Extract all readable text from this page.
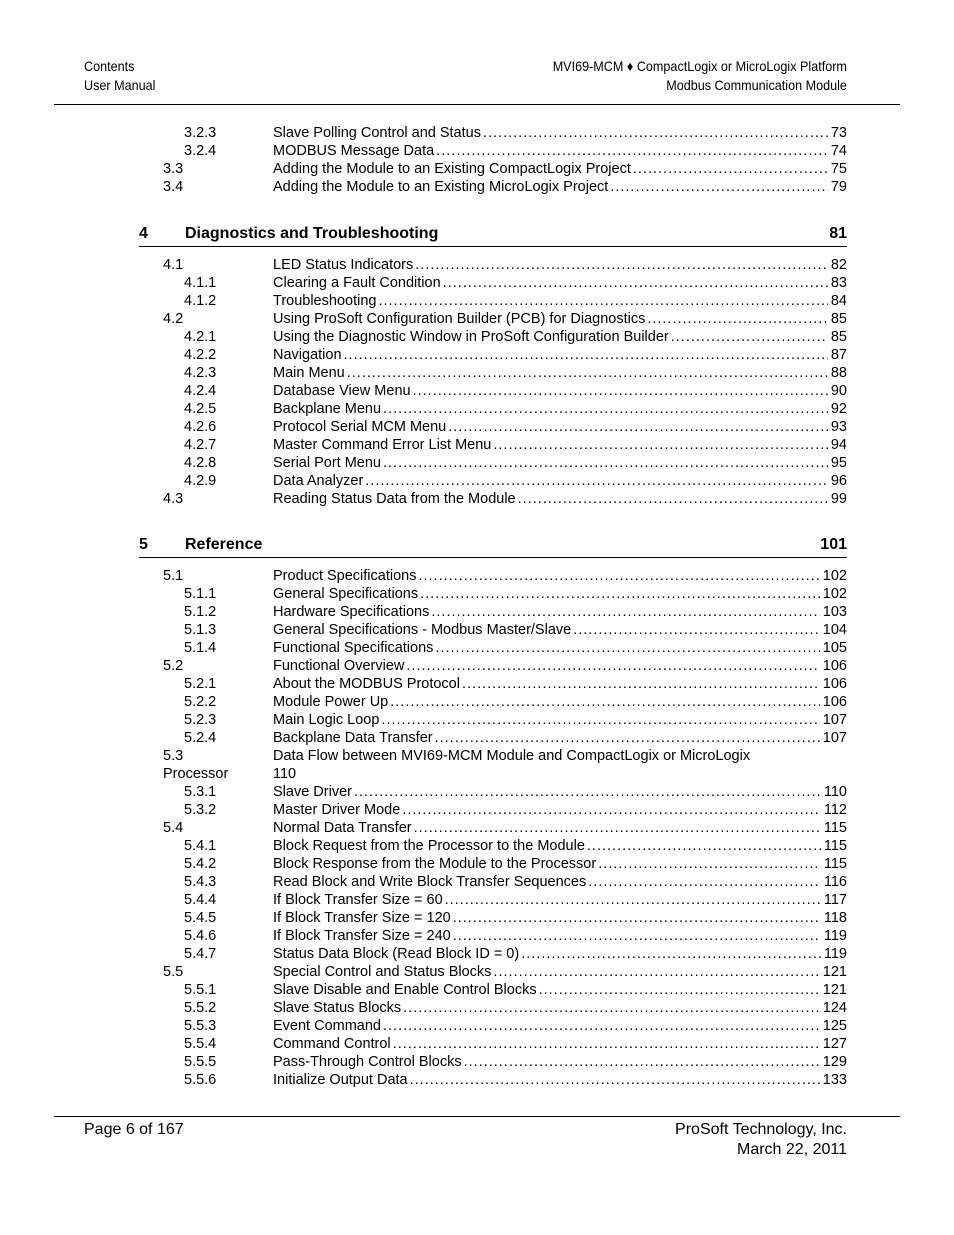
Contents
User Manual
MVI69-MCM ♦ CompactLogix or MicroLogix Platform
Modbus Communication Module
3.2.3	Slave Polling Control and Status .....	73
3.2.4	MODBUS Message Data .....	74
3.3	Adding the Module to an Existing CompactLogix Project .....	75
3.4	Adding the Module to an Existing MicroLogix Project .....	79
4 Diagnostics and Troubleshooting	81
4.1	LED Status Indicators .....	82
4.1.1	Clearing a Fault Condition .....	83
4.1.2	Troubleshooting .....	84
4.2	Using ProSoft Configuration Builder (PCB) for Diagnostics .....	85
4.2.1	Using the Diagnostic Window in ProSoft Configuration Builder .....	85
4.2.2	Navigation .....	87
4.2.3	Main Menu .....	88
4.2.4	Database View Menu .....	90
4.2.5	Backplane Menu .....	92
4.2.6	Protocol Serial MCM Menu .....	93
4.2.7	Master Command Error List Menu .....	94
4.2.8	Serial Port Menu .....	95
4.2.9	Data Analyzer .....	96
4.3	Reading Status Data from the Module .....	99
5 Reference	101
5.1	Product Specifications .....	102
5.1.1	General Specifications .....	102
5.1.2	Hardware Specifications .....	103
5.1.3	General Specifications - Modbus Master/Slave .....	104
5.1.4	Functional Specifications .....	105
5.2	Functional Overview .....	106
5.2.1	About the MODBUS Protocol .....	106
5.2.2	Module Power Up .....	106
5.2.3	Main Logic Loop .....	107
5.2.4	Backplane Data Transfer .....	107
5.3	Data Flow between MVI69-MCM Module and CompactLogix or MicroLogix
Processor	110
5.3.1	Slave Driver .....	110
5.3.2	Master Driver Mode .....	112
5.4	Normal Data Transfer .....	115
5.4.1	Block Request from the Processor to the Module .....	115
5.4.2	Block Response from the Module to the Processor .....	115
5.4.3	Read Block and Write Block Transfer Sequences .....	116
5.4.4	If Block Transfer Size = 60 .....	117
5.4.5	If Block Transfer Size = 120 .....	118
5.4.6	If Block Transfer Size = 240 .....	119
5.4.7	Status Data Block (Read Block ID = 0) .....	119
5.5	Special Control and Status Blocks .....	121
5.5.1	Slave Disable and Enable Control Blocks .....	121
5.5.2	Slave Status Blocks .....	124
5.5.3	Event Command .....	125
5.5.4	Command Control .....	127
5.5.5	Pass-Through Control Blocks .....	129
5.5.6	Initialize Output Data .....	133
Page 6 of 167	ProSoft Technology, Inc.
March 22, 2011
